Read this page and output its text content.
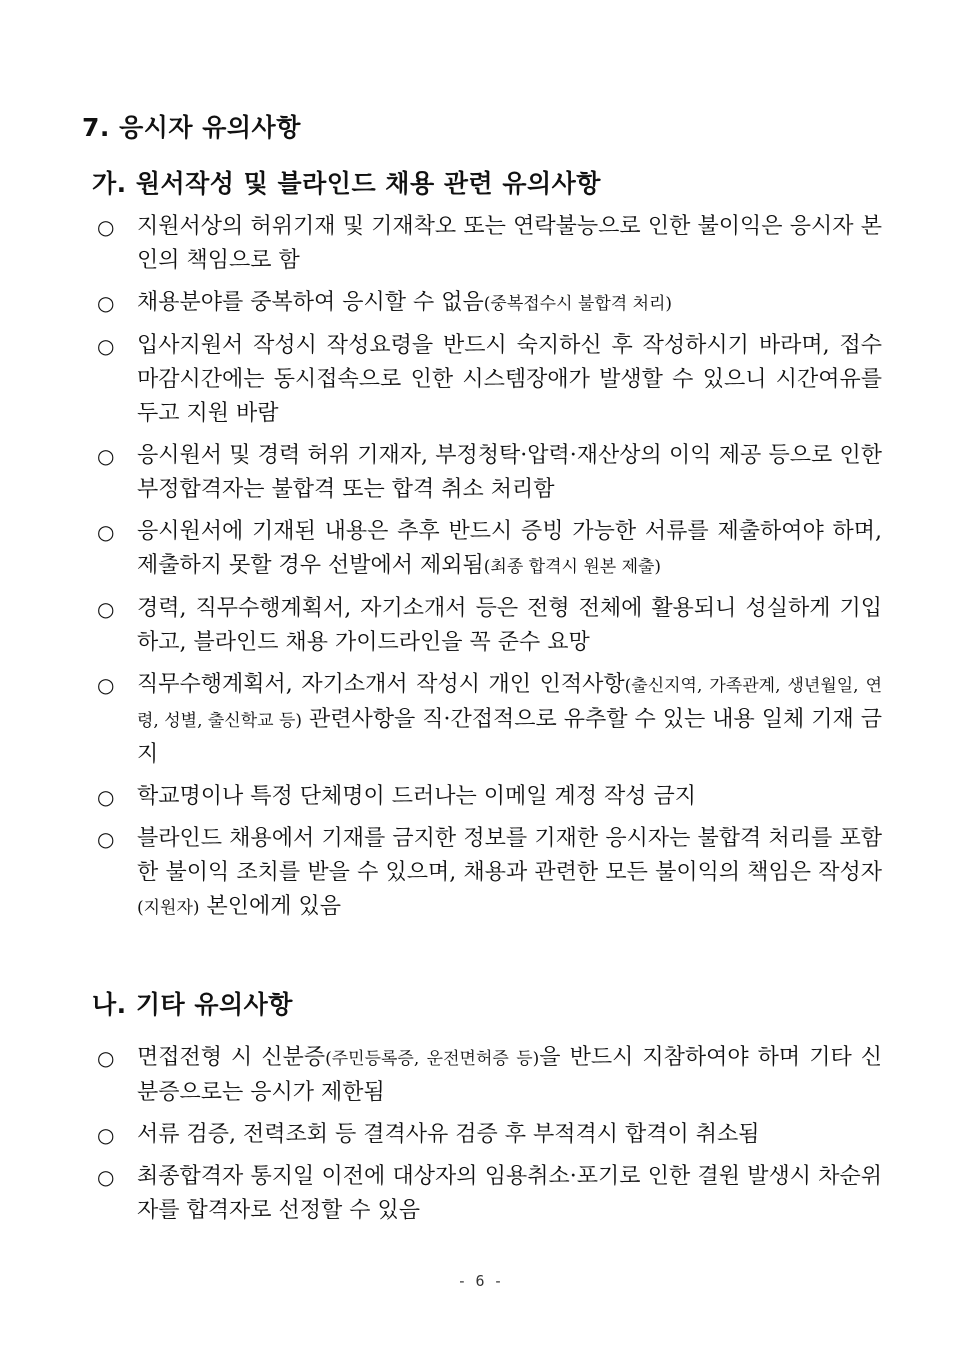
7. 응시자 유의사항
가. 원서작성 및 블라인드 채용 관련 유의사항
○ 지원서상의 허위기재 및 기재착오 또는 연락불능으로 인한 불이익은 응시자 본인의 책임으로 함
○ 채용분야를 중복하여 응시할 수 없음(중복접수시 불합격 처리)
○ 입사지원서 작성시 작성요령을 반드시 숙지하신 후 작성하시기 바라며, 접수 마감시간에는 동시접속으로 인한 시스템장애가 발생할 수 있으니 시간여유를 두고 지원 바람
○ 응시원서 및 경력 허위 기재자, 부정청탁·압력·재산상의 이익 제공 등으로 인한 부정합격자는 불합격 또는 합격 취소 처리함
○ 응시원서에 기재된 내용은 추후 반드시 증빙 가능한 서류를 제출하여야 하며, 제출하지 못할 경우 선발에서 제외됨(최종 합격시 원본 제출)
○ 경력, 직무수행계획서, 자기소개서 등은 전형 전체에 활용되니 성실하게 기입하고, 블라인드 채용 가이드라인을 꼭 준수 요망
○ 직무수행계획서, 자기소개서 작성시 개인 인적사항(출신지역, 가족관계, 생년월일, 연령, 성별, 출신학교 등) 관련사항을 직·간접적으로 유추할 수 있는 내용 일체 기재 금지
○ 학교명이나 특정 단체명이 드러나는 이메일 계정 작성 금지
○ 블라인드 채용에서 기재를 금지한 정보를 기재한 응시자는 불합격 처리를 포함한 불이익 조치를 받을 수 있으며, 채용과 관련한 모든 불이익의 책임은 작성자(지원자) 본인에게 있음
나. 기타 유의사항
○ 면접전형 시 신분증(주민등록증, 운전면허증 등)을 반드시 지참하여야 하며 기타 신분증으로는 응시가 제한됨
○ 서류 검증, 전력조회 등 결격사유 검증 후 부적격시 합격이 취소됨
○ 최종합격자 통지일 이전에 대상자의 임용취소·포기로 인한 결원 발생시 차순위 자를 합격자로 선정할 수 있음
- 6 -
